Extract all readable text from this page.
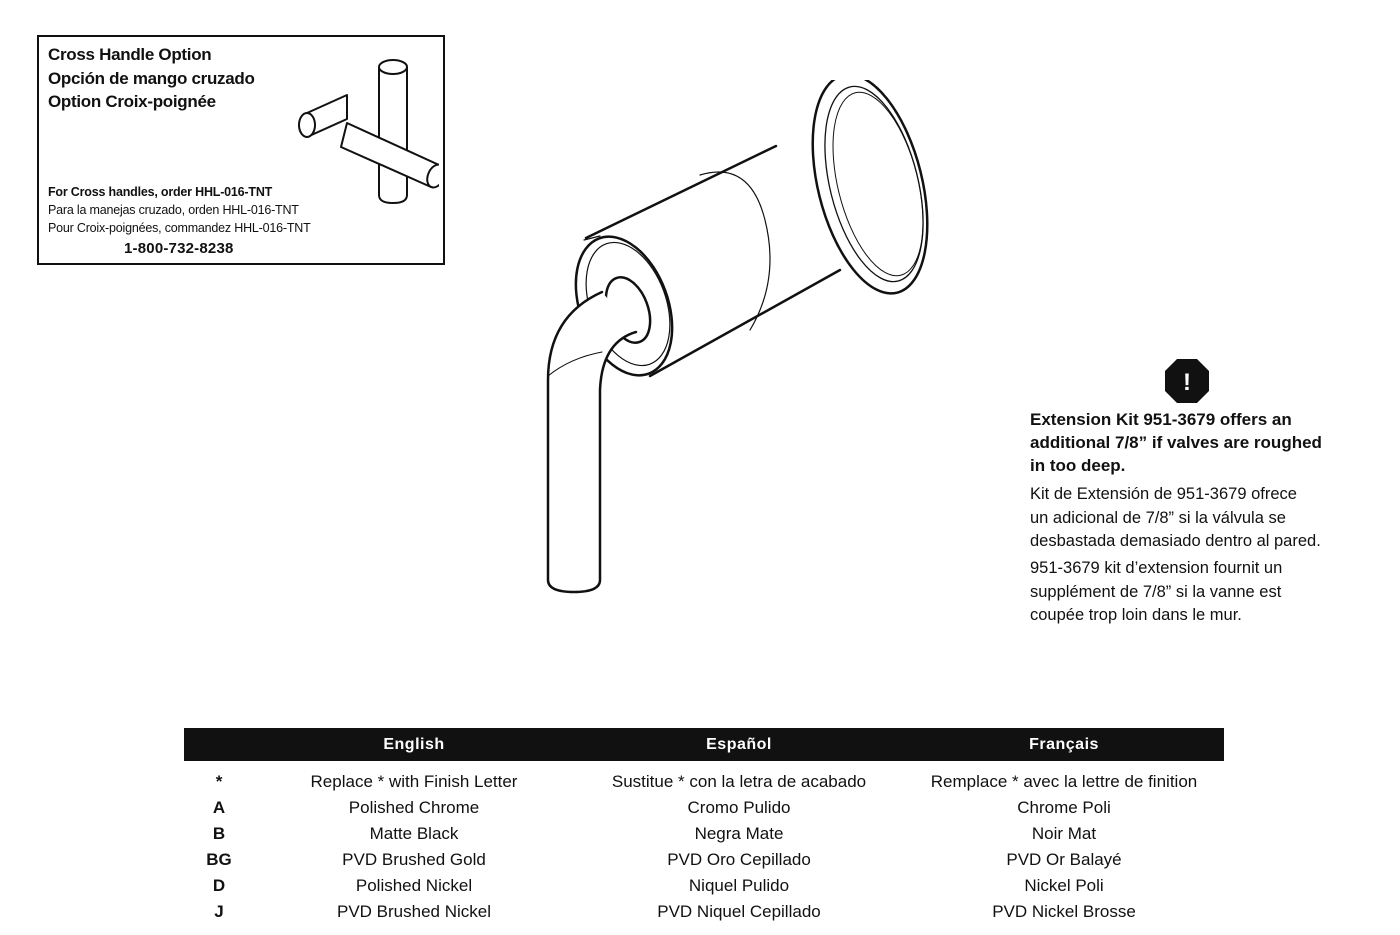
Cross Handle Option
Opción de mango cruzado
Option Croix-poignée
For Cross handles, order HHL-016-TNT
Para la manejas cruzado, orden HHL-016-TNT
Pour Croix-poignées, commandez HHL-016-TNT
1-800-732-8238
!
Extension Kit 951-3679 offers an
additional 7/8” if valves are roughed
in too deep.
Kit de Extensión de 951-3679 ofrece
un adicional de 7/8” si la válvula se
desbastada demasiado dentro al pared.
951-3679 kit d’extension fournit un
supplément de 7/8” si la vanne est
coupée trop loin dans le mur.
	English	Español	Français
*	Replace * with Finish Letter	Sustitue * con la letra de acabado	Remplace * avec la lettre de finition
A	Polished Chrome	Cromo Pulido	Chrome Poli
B	Matte Black	Negra Mate	Noir Mat
BG	PVD Brushed Gold	PVD Oro Cepillado	PVD Or Balayé
D	Polished Nickel	Niquel Pulido	Nickel Poli
J	PVD Brushed Nickel	PVD Niquel Cepillado	PVD Nickel Brosse
